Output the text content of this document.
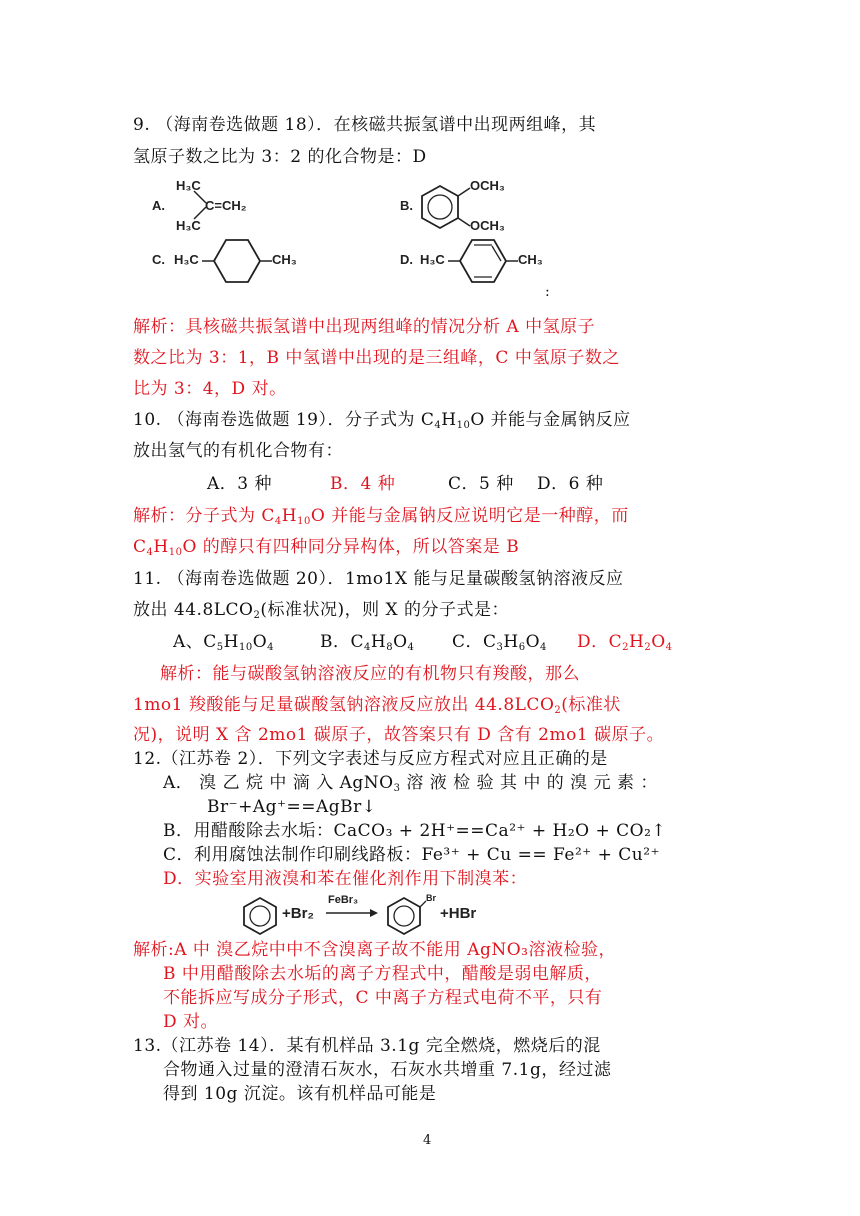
9. （海南卷选做题 18）．在核磁共振氢谱中出现两组峰，其
氢原子数之比为 3：2 的化合物是：D
A.
H₃C
H₃C
C=CH₂	B.
OCH₃
OCH₃
C. H₃C	CH₃	D. H₃C	CH₃
:
解析：具核磁共振氢谱中出现两组峰的情况分析 A 中氢原子
数之比为 3：1，B 中氢谱中出现的是三组峰，C 中氢原子数之
比为 3：4，D 对。
10. （海南卷选做题 19）．分子式为 $C_4H_{10}O$ 并能与金属钠反应
放出氢气的有机化合物有：
A．3 种	B．4 种	C．5 种 D．6 种
解析：分子式为 $C_4H_{10}O$ 并能与金属钠反应说明它是一种醇，而
$C_4H_{10}O$ 的醇只有四种同分异构体，所以答案是 B
11. （海南卷选做题 20）．1mo1X 能与足量碳酸氢钠溶液反应
放出 $44.8LCO_2$(标准状况)，则 X 的分子式是：
A、$C_5H_{10}O_4$	B．$C_4H_8O_4$ C．$C_3H_6O_4$ D．$C_2H_2O_4$
解析：能与碳酸氢钠溶液反应的有机物只有羧酸，那么
1mo1 羧酸能与足量碳酸氢钠溶液反应放出 $44.8LCO_2$(标准状
况)，说明 X 含 2mo1 碳原子，故答案只有 D 含有 2mo1 碳原子。
12.（江苏卷 2）．下列文字表述与反应方程式对应且正确的是
A． 溴 乙 烷 中 滴 入 AgNO$_3$ 溶 液 检 验 其 中 的 溴 元 素 ：
Br⁻+Ag⁺==AgBr↓
B．用醋酸除去水垢：CaCO₃ + 2H⁺==Ca²⁺ + H₂O + CO₂↑
C．利用腐蚀法制作印刷线路板：Fe³⁺ + Cu == Fe²⁺ + Cu²⁺
D．实验室用液溴和苯在催化剂作用下制溴苯：
+Br₂
FeBr₃	Br
+HBr
解析:A 中 溴乙烷中中不含溴离子故不能用 AgNO₃溶液检验，
B 中用醋酸除去水垢的离子方程式中，醋酸是弱电解质，
不能拆应写成分子形式，C 中离子方程式电荷不平，只有
D 对。
13.（江苏卷 14）．某有机样品 3.1g 完全燃烧，燃烧后的混
合物通入过量的澄清石灰水，石灰水共增重 7.1g，经过滤
得到 10g 沉淀。该有机样品可能是
4
